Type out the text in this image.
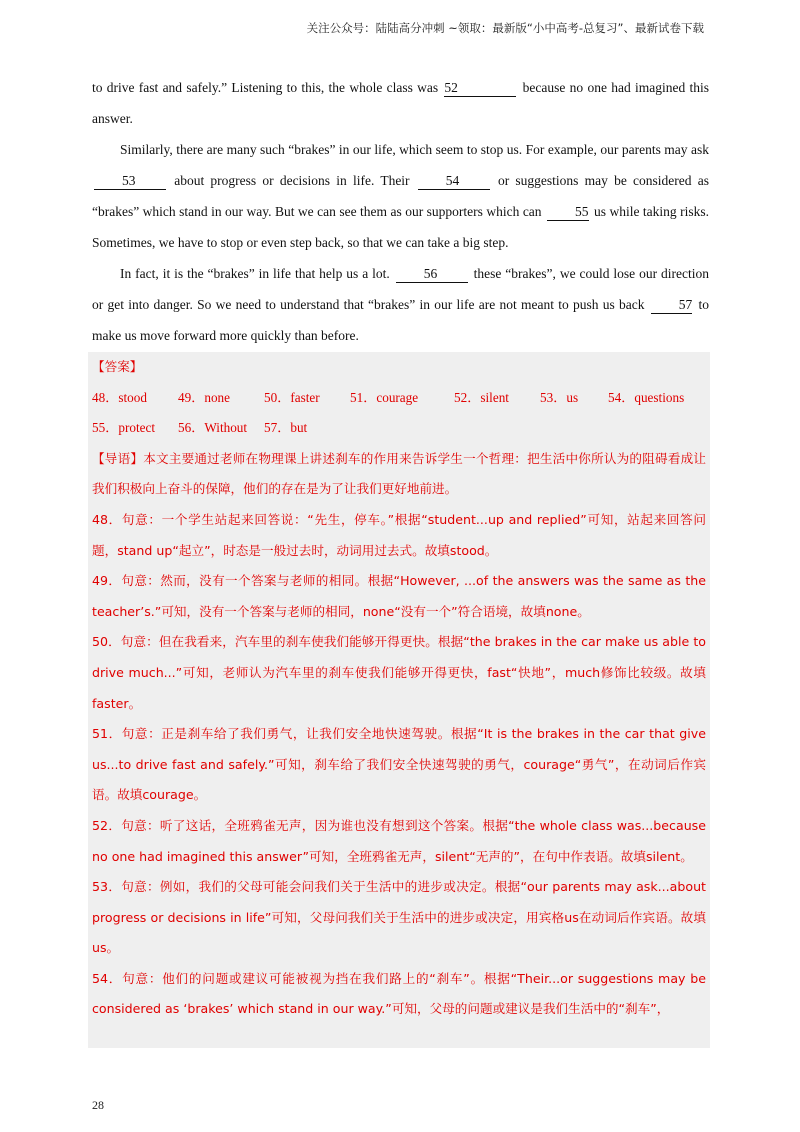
关注公众号：陆陆高分冲刺 ~领取：最新版“小中高考-总复习”、最新试卷下载

to drive fast and safely.” Listening to this, the whole class was 52	because no one had imagined this answer.

Similarly, there are many such “brakes” in our life, which seem to stop us. For example, our parents may ask 53 about progress or decisions in life. Their 54 or suggestions may be considered as “brakes” which stand in our way. But we can see them as our supporters which can 55 us while taking risks. Sometimes, we have to stop or even step back, so that we can take a big step.

In fact, it is the “brakes” in life that help us a lot. 56 these “brakes”, we could lose our direction or get into danger. So we need to understand that “brakes” in our life are not meant to push us back 57 to make us move forward more quickly than before.

【答案】
48．stood 49．none	50．faster 51．courage	52．silent 53．us 54．questions
55．protect 56．Without 57．but

【导语】本文主要通过老师在物理课上讲述刹车的作用来告诉学生一个哲理：把生活中你所认为的阻碍看成让我们积极向上奋斗的保障，他们的存在是为了让我们更好地前进。

48．句意：一个学生站起来回答说：“先生，停车。”根据“student...up and replied”可知，站起来回答问题，stand up“起立”，时态是一般过去时，动词用过去式。故填stood。

49．句意：然而，没有一个答案与老师的相同。根据“However, ...of the answers was the same as the teacher’s.”可知，没有一个答案与老师的相同，none“没有一个”符合语境，故填none。

50．句意：但在我看来，汽车里的刹车使我们能够开得更快。根据“the brakes in the car make us able to drive much...”可知，老师认为汽车里的刹车使我们能够开得更快，fast“快地”，much修饰比较级。故填faster。

51．句意：正是刹车给了我们勇气，让我们安全地快速驾驶。根据“It is the brakes in the car that give us...to drive fast and safely.”可知，刹车给了我们安全快速驾驶的勇气，courage“勇气”，在动词后作宾语。故填courage。

52．句意：听了这话，全班鸦雀无声，因为谁也没有想到这个答案。根据“the whole class was...because no one had imagined this answer”可知，全班鸦雀无声，silent“无声的”，在句中作表语。故填silent。

53．句意：例如，我们的父母可能会问我们关于生活中的进步或决定。根据“our parents may ask...about progress or decisions in life”可知，父母问我们关于生活中的进步或决定，用宾格us在动词后作宾语。故填us。

54．句意：他们的问题或建议可能被视为挡在我们路上的“刹车”。根据“Their...or suggestions may be considered as ‘brakes’ which stand in our way.”可知，父母的问题或建议是我们生活中的“刹车”，

28
